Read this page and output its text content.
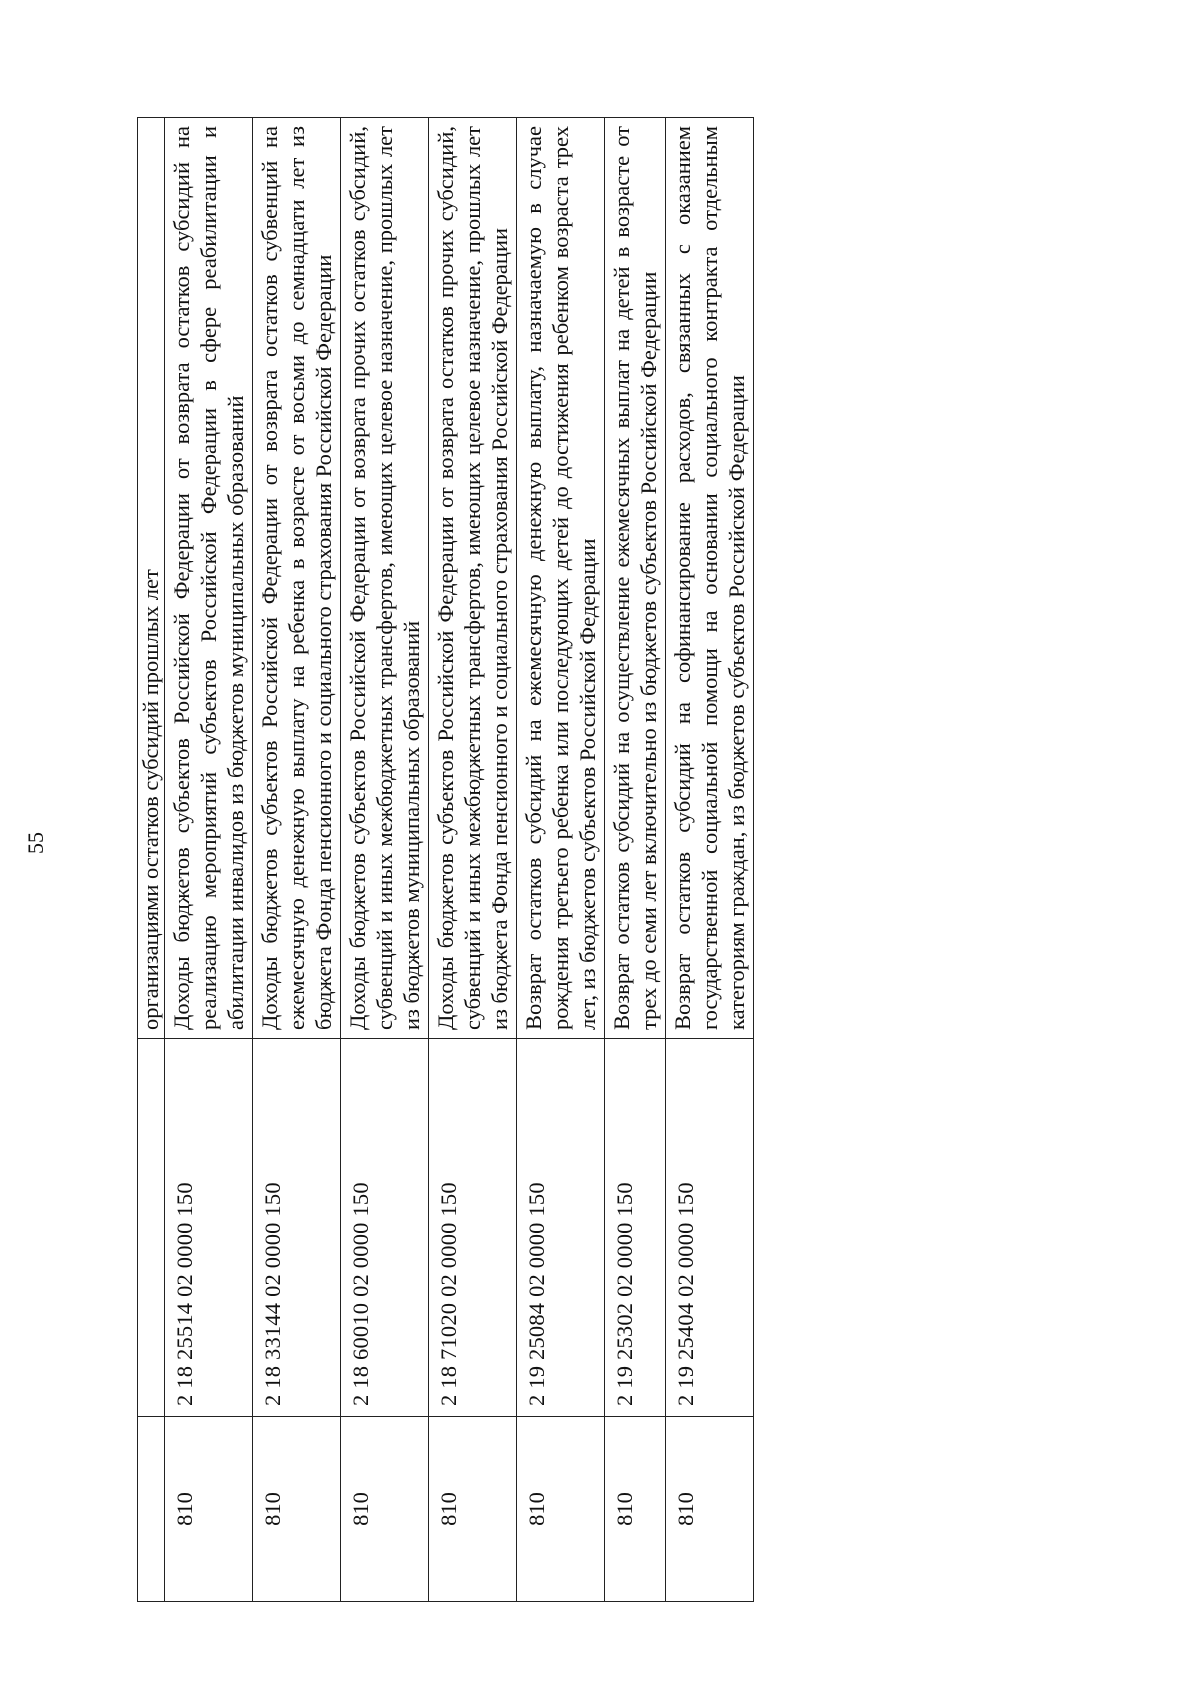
55
			организациями остатков субсидий прошлых лет
810	2 18 25514 02 0000 150	Доходы бюджетов субъектов Российской Федерации от возврата остатков субсидий на реализацию мероприятий субъектов Российской Федерации в сфере реабилитации и абилитации инвалидов из бюджетов муниципальных образований
810	2 18 33144 02 0000 150	Доходы бюджетов субъектов Российской Федерации от возврата остатков субвенций на ежемесячную денежную выплату на ребенка в возрасте от восьми до семнадцати лет из бюджета Фонда пенсионного и социального страхования Российской Федерации
810	2 18 60010 02 0000 150	Доходы бюджетов субъектов Российской Федерации от возврата прочих остатков субсидий, субвенций и иных межбюджетных трансфертов, имеющих целевое назначение, прошлых лет из бюджетов муниципальных образований
810	2 18 71020 02 0000 150	Доходы бюджетов субъектов Российской Федерации от возврата остатков прочих субсидий, субвенций и иных межбюджетных трансфертов, имеющих целевое назначение, прошлых лет из бюджета Фонда пенсионного и социального страхования Российской Федерации
810	2 19 25084 02 0000 150	Возврат остатков субсидий на ежемесячную денежную выплату, назначаемую в случае рождения третьего ребенка или последующих детей до достижения ребенком возраста трех лет, из бюджетов субъектов Российской Федерации
810	2 19 25302 02 0000 150	Возврат остатков субсидий на осуществление ежемесячных выплат на детей в возрасте от трех до семи лет включительно из бюджетов субъектов Российской Федерации
810	2 19 25404 02 0000 150	Возврат остатков субсидий на софинансирование расходов, связанных с оказанием государственной социальной помощи на основании социального контракта отдельным категориям граждан, из бюджетов субъектов Российской Федерации
